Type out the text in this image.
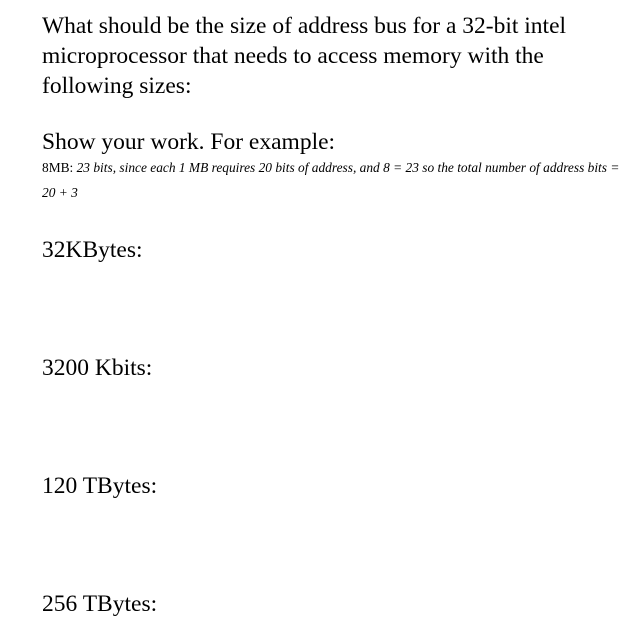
What should be the size of address bus for a 32-bit intel microprocessor that needs to access memory with the following sizes:

Show your work. For example:

8MB: 23 bits, since each 1 MB requires 20 bits of address, and 8 = 23 so the total number of address bits = 20 + 3

32KBytes:

3200 Kbits:

120 TBytes:

256 TBytes:
